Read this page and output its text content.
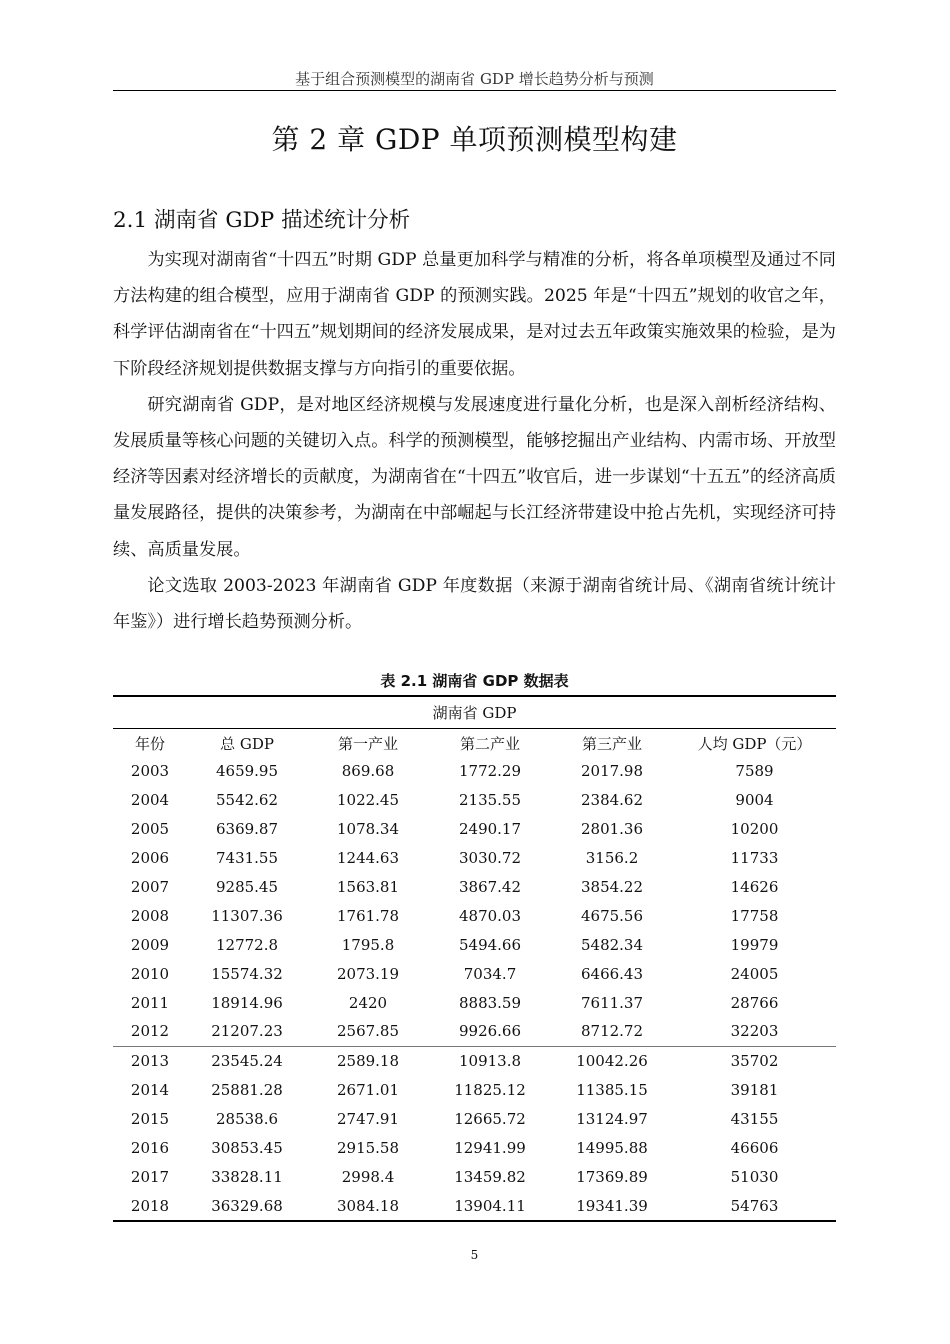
基于组合预测模型的湖南省 GDP 增长趋势分析与预测
第 2 章 GDP 单项预测模型构建
2.1 湖南省 GDP 描述统计分析

为实现对湖南省“十四五”时期 GDP 总量更加科学与精准的分析，将各单项模型及通过不同方法构建的组合模型，应用于湖南省 GDP 的预测实践。2025 年是“十四五”规划的收官之年，科学评估湖南省在“十四五”规划期间的经济发展成果，是对过去五年政策实施效果的检验，是为下阶段经济规划提供数据支撑与方向指引的重要依据。

研究湖南省 GDP，是对地区经济规模与发展速度进行量化分析，也是深入剖析经济结构、发展质量等核心问题的关键切入点。科学的预测模型，能够挖掘出产业结构、内需市场、开放型经济等因素对经济增长的贡献度，为湖南省在“十四五”收官后，进一步谋划“十五五”的经济高质量发展路径，提供的决策参考，为湖南在中部崛起与长江经济带建设中抢占先机，实现经济可持续、高质量发展。

论文选取 2003-2023 年湖南省 GDP 年度数据（来源于湖南省统计局、《湖南省统计统计年鉴》）进行增长趋势预测分析。

表 2.1 湖南省 GDP 数据表
湖南省 GDP					
年份	总 GDP	第一产业	第二产业	第三产业	人均 GDP（元）
2003	4659.95	869.68	1772.29	2017.98	7589
2004	5542.62	1022.45	2135.55	2384.62	9004
2005	6369.87	1078.34	2490.17	2801.36	10200
2006	7431.55	1244.63	3030.72	3156.2	11733
2007	9285.45	1563.81	3867.42	3854.22	14626
2008	11307.36	1761.78	4870.03	4675.56	17758
2009	12772.8	1795.8	5494.66	5482.34	19979
2010	15574.32	2073.19	7034.7	6466.43	24005
2011	18914.96	2420	8883.59	7611.37	28766
2012	21207.23	2567.85	9926.66	8712.72	32203
2013	23545.24	2589.18	10913.8	10042.26	35702
2014	25881.28	2671.01	11825.12	11385.15	39181
2015	28538.6	2747.91	12665.72	13124.97	43155
2016	30853.45	2915.58	12941.99	14995.88	46606
2017	33828.11	2998.4	13459.82	17369.89	51030
2018	36329.68	3084.18	13904.11	19341.39	54763
5
